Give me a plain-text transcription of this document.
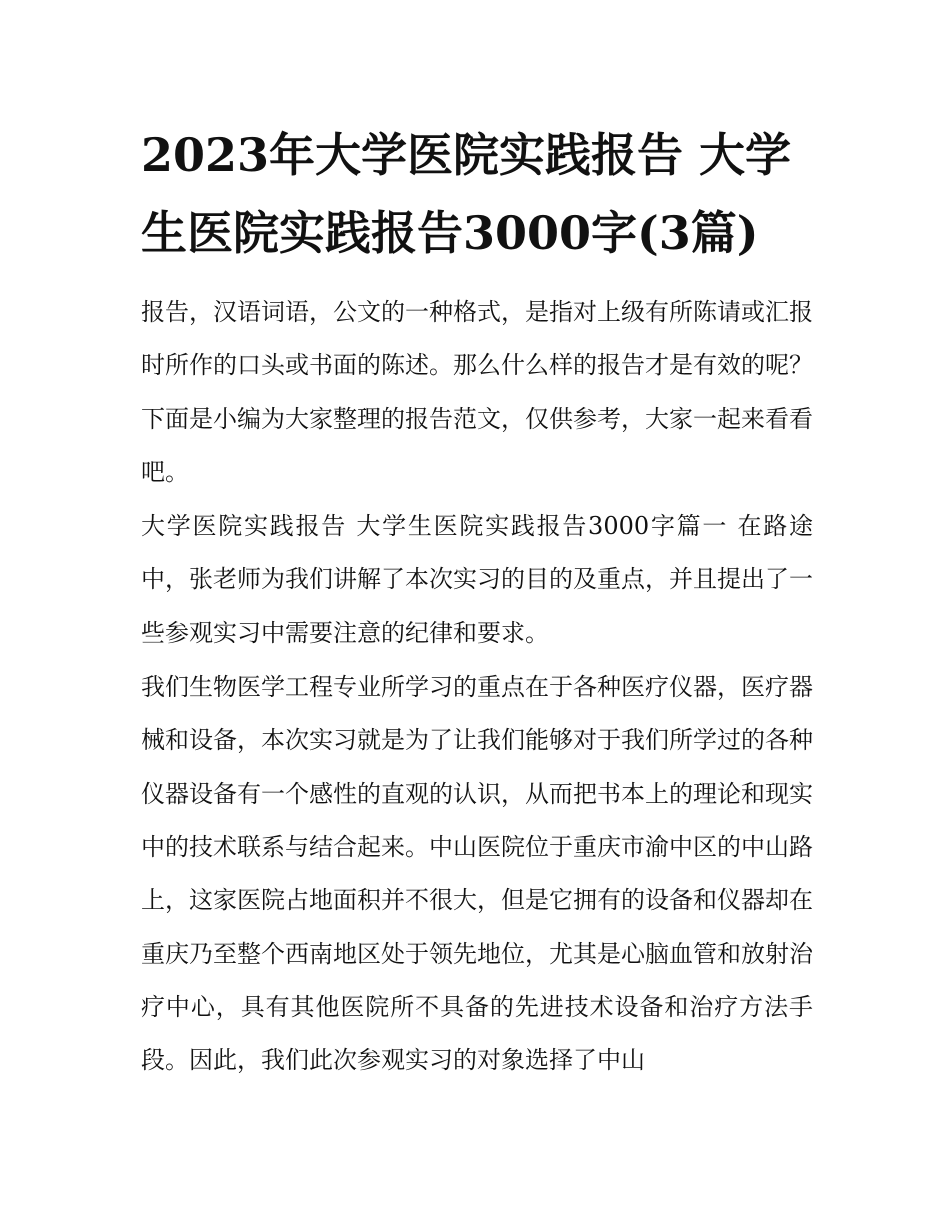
2023年大学医院实践报告 大学生医院实践报告3000字(3篇)

报告，汉语词语，公文的一种格式，是指对上级有所陈请或汇报时所作的口头或书面的陈述。那么什么样的报告才是有效的呢？下面是小编为大家整理的报告范文，仅供参考，大家一起来看看吧。

大学医院实践报告 大学生医院实践报告3000字篇一 在路途中，张老师为我们讲解了本次实习的目的及重点，并且提出了一些参观实习中需要注意的纪律和要求。

我们生物医学工程专业所学习的重点在于各种医疗仪器，医疗器械和设备，本次实习就是为了让我们能够对于我们所学过的各种仪器设备有一个感性的直观的认识，从而把书本上的理论和现实中的技术联系与结合起来。中山医院位于重庆市渝中区的中山路上，这家医院占地面积并不很大，但是它拥有的设备和仪器却在重庆乃至整个西南地区处于领先地位，尤其是心脑血管和放射治疗中心，具有其他医院所不具备的先进技术设备和治疗方法手段。因此，我们此次参观实习的对象选择了中山
